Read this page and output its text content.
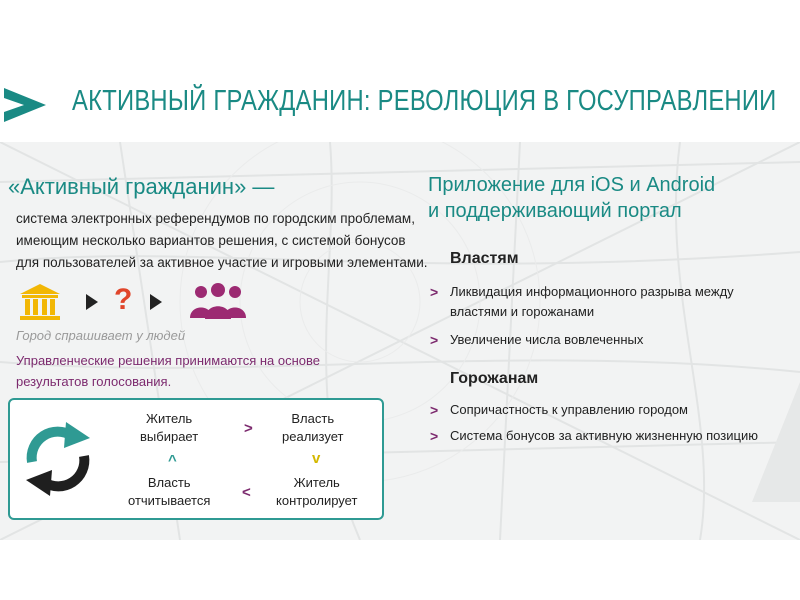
АКТИВНЫЙ ГРАЖДАНИН: РЕВОЛЮЦИЯ В ГОСУПРАВЛЕНИИ
«Активный гражданин» —
система электронных референдумов по городским проблемам,
имеющим несколько вариантов решения, с системой бонусов
для пользователей за активное участие и игровыми элементами.
?
Город спрашивает у людей
Управленческие решения принимаются на основе
результатов голосования.
Житель
выбирает	>
Власть
реализует
^	v
Власть
отчитывается <
Житель
контролирует
Приложение для iOS и Android
и поддерживающий портал
Властям
> Ликвидация информационного разрыва между
властями и горожанами
> Увеличение числа вовлеченных
Горожанам
> Сопричастность к управлению городом
> Система бонусов за активную жизненную позицию
